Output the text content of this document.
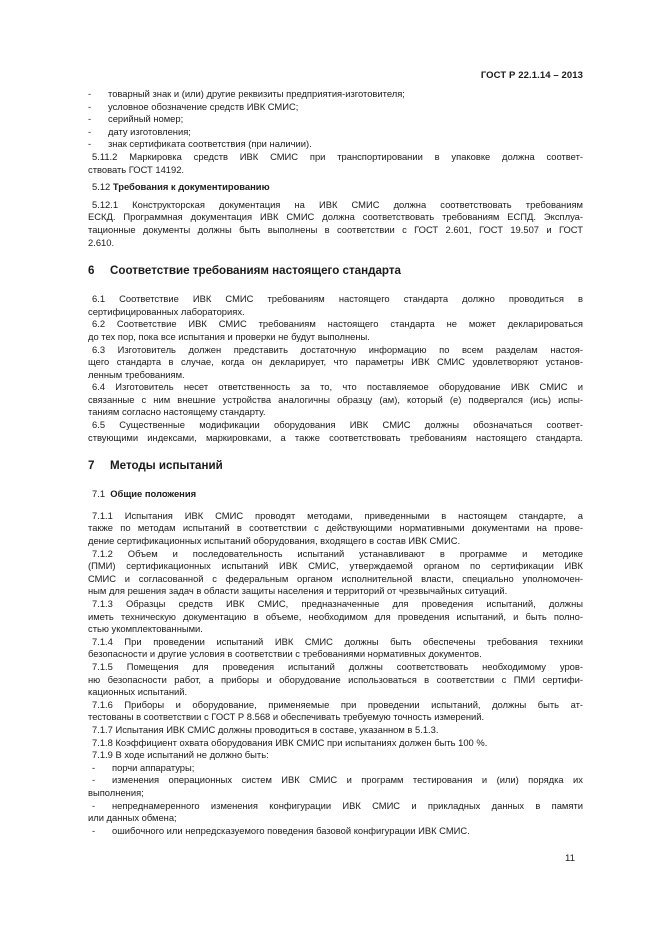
ГОСТ Р 22.1.14 – 2013
- товарный знак и (или) другие реквизиты предприятия-изготовителя;
- условное обозначение средств ИВК СМИС;
- серийный номер;
- дату изготовления;
- знак сертификата соответствия (при наличии).
5.11.2 Маркировка средств ИВК СМИС при транспортировании в упаковке должна соответ-
ствовать ГОСТ 14192.
5.12 Требования к документированию
5.12.1 Конструкторская документация на ИВК СМИС должна соответствовать требованиям
ЕСКД. Программная документация ИВК СМИС должна соответствовать требованиям ЕСПД. Эксплуа-
тационные документы должны быть выполнены в соответствии с ГОСТ 2.601, ГОСТ 19.507 и ГОСТ
2.610.
6 Соответствие требованиям настоящего стандарта
6.1 Соответствие ИВК СМИС требованиям настоящего стандарта должно проводиться в
сертифицированных лабораториях.
6.2 Соответствие ИВК СМИС требованиям настоящего стандарта не может декларироваться
до тех пор, пока все испытания и проверки не будут выполнены.
6.3 Изготовитель должен представить достаточную информацию по всем разделам настоя-
щего стандарта в случае, когда он декларирует, что параметры ИВК СМИС удовлетворяют установ-
ленным требованиям.
6.4 Изготовитель несет ответственность за то, что поставляемое оборудование ИВК СМИС и
связанные с ним внешние устройства аналогичны образцу (ам), который (е) подвергался (ись) испы-
таниям согласно настоящему стандарту.
6.5 Существенные модификации оборудования ИВК СМИС должны обозначаться соответ-
ствующими индексами, маркировками, а также соответствовать требованиям настоящего стандарта.
7 Методы испытаний
7.1 Общие положения
7.1.1 Испытания ИВК СМИС проводят методами, приведенными в настоящем стандарте, а
также по методам испытаний в соответствии с действующими нормативными документами на прове-
дение сертификационных испытаний оборудования, входящего в состав ИВК СМИС.
7.1.2 Объем и последовательность испытаний устанавливают в программе и методике
(ПМИ) сертификационных испытаний ИВК СМИС, утверждаемой органом по сертификации ИВК
СМИС и согласованной с федеральным органом исполнительной власти, специально уполномочен-
ным для решения задач в области защиты населения и территорий от чрезвычайных ситуаций.
7.1.3 Образцы средств ИВК СМИС, предназначенные для проведения испытаний, должны
иметь техническую документацию в объеме, необходимом для проведения испытаний, и быть полно-
стью укомплектованными.
7.1.4 При проведении испытаний ИВК СМИС должны быть обеспечены требования техники
безопасности и другие условия в соответствии с требованиями нормативных документов.
7.1.5 Помещения для проведения испытаний должны соответствовать необходимому уров-
ню безопасности работ, а приборы и оборудование использоваться в соответствии с ПМИ сертифи-
кационных испытаний.
7.1.6 Приборы и оборудование, применяемые при проведении испытаний, должны быть ат-
тестованы в соответствии с ГОСТ Р 8.568 и обеспечивать требуемую точность измерений.
7.1.7 Испытания ИВК СМИС должны проводиться в составе, указанном в 5.1.3.
7.1.8 Коэффициент охвата оборудования ИВК СМИС при испытаниях должен быть 100 %.
7.1.9 В ходе испытаний не должно быть:
- порчи аппаратуры;
- изменения операционных систем ИВК СМИС и программ тестирования и (или) порядка их
выполнения;
- непреднамеренного изменения конфигурации ИВК СМИС и прикладных данных в памяти
или данных обмена;
- ошибочного или непредсказуемого поведения базовой конфигурации ИВК СМИС.
11
